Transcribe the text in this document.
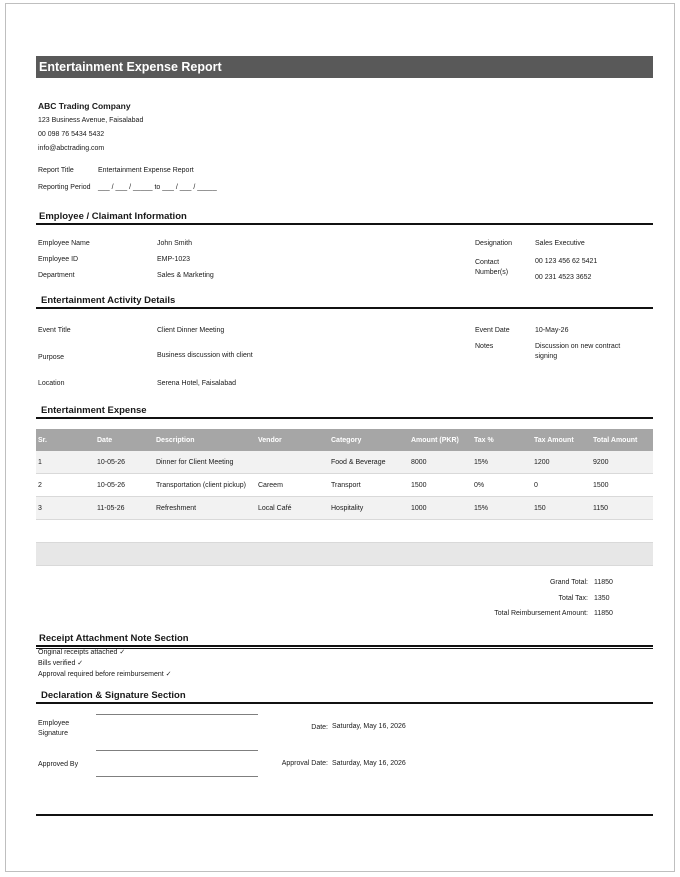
Entertainment Expense Report
ABC Trading Company
123 Business Avenue, Faisalabad
00 098 76 5434 5432
info@abctrading.com
Report Title	Entertainment Expense Report
Reporting Period ___ / ___ / _____ to ___ / ___ / _____
Employee / Claimant Information
Employee Name	John Smith
Employee ID	EMP-1023
Department	Sales & Marketing
Designation	Sales Executive
Contact
Number(s)
00 123 456 62 5421
00 231 4523 3652
Entertainment Activity Details
Event Title	Client Dinner Meeting
Purpose	Business discussion with client
Location	Serena Hotel, Faisalabad
Event Date	10-May-26
Notes	Discussion on new contract
signing
Entertainment Expense
Sr.	Date	Description	Vendor	Category	Amount (PKR)	Tax %	Tax Amount	Total Amount
1	10-05-26	Dinner for Client Meeting		Food & Beverage	8000	15%	1200	9200
2	10-05-26	Transportation (client pickup)	Careem	Transport	1500	0%	0	1500
3	11-05-26	Refreshment	Local Café	Hospitality	1000	15%	150	1150

Grand Total: 11850
Total Tax: 1350
Total Reimbursement Amount: 11850
Receipt Attachment Note Section
Original receipts attached ✓
Bills verified ✓
Approval required before reimbursement ✓
Declaration & Signature Section
Employee
Signature
Date: Saturday, May 16, 2026
Approved By	Approval Date: Saturday, May 16, 2026
